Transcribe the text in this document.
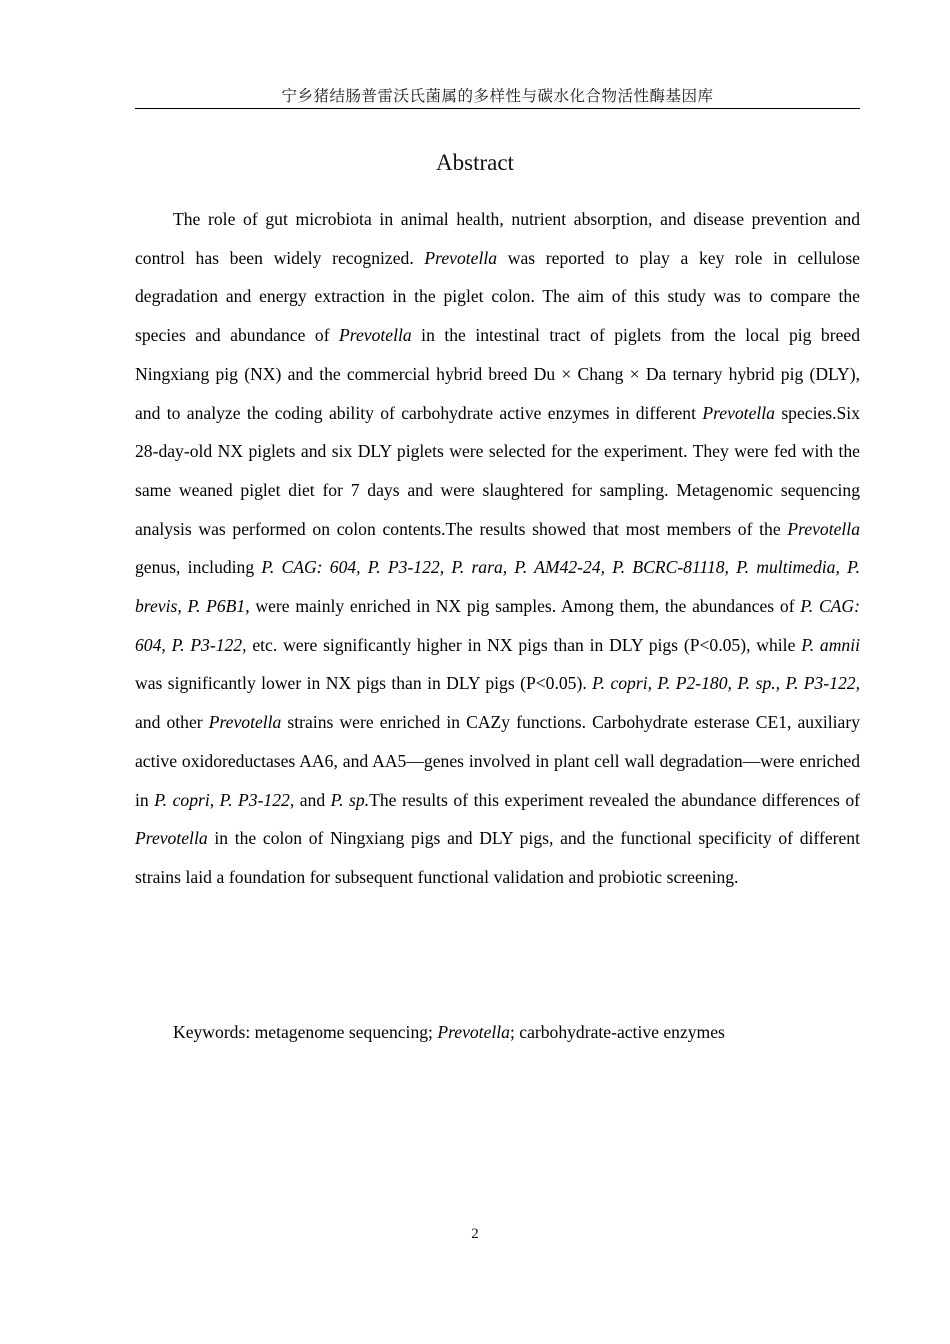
宁乡猪结肠普雷沃氏菌属的多样性与碳水化合物活性酶基因库
Abstract

The role of gut microbiota in animal health, nutrient absorption, and disease prevention and control has been widely recognized. Prevotella was reported to play a key role in cellulose degradation and energy extraction in the piglet colon. The aim of this study was to compare the species and abundance of Prevotella in the intestinal tract of piglets from the local pig breed Ningxiang pig (NX) and the commercial hybrid breed Du × Chang × Da ternary hybrid pig (DLY), and to analyze the coding ability of carbohydrate active enzymes in different Prevotella species.Six 28-day-old NX piglets and six DLY piglets were selected for the experiment. They were fed with the same weaned piglet diet for 7 days and were slaughtered for sampling. Metagenomic sequencing analysis was performed on colon contents.The results showed that most members of the Prevotella genus, including P. CAG: 604, P. P3-122, P. rara, P. AM42-24, P. BCRC-81118, P. multimedia, P. brevis, P. P6B1, were mainly enriched in NX pig samples. Among them, the abundances of P. CAG: 604, P. P3-122, etc. were significantly higher in NX pigs than in DLY pigs (P<0.05), while P. amnii was significantly lower in NX pigs than in DLY pigs (P<0.05). P. copri, P. P2-180, P. sp., P. P3-122, and other Prevotella strains were enriched in CAZy functions. Carbohydrate esterase CE1, auxiliary active oxidoreductases AA6, and AA5—genes involved in plant cell wall degradation—were enriched in P. copri, P. P3-122, and P. sp.The results of this experiment revealed the abundance differences of Prevotella in the colon of Ningxiang pigs and DLY pigs, and the functional specificity of different strains laid a foundation for subsequent functional validation and probiotic screening.

Keywords: metagenome sequencing; Prevotella; carbohydrate-active enzymes

2
